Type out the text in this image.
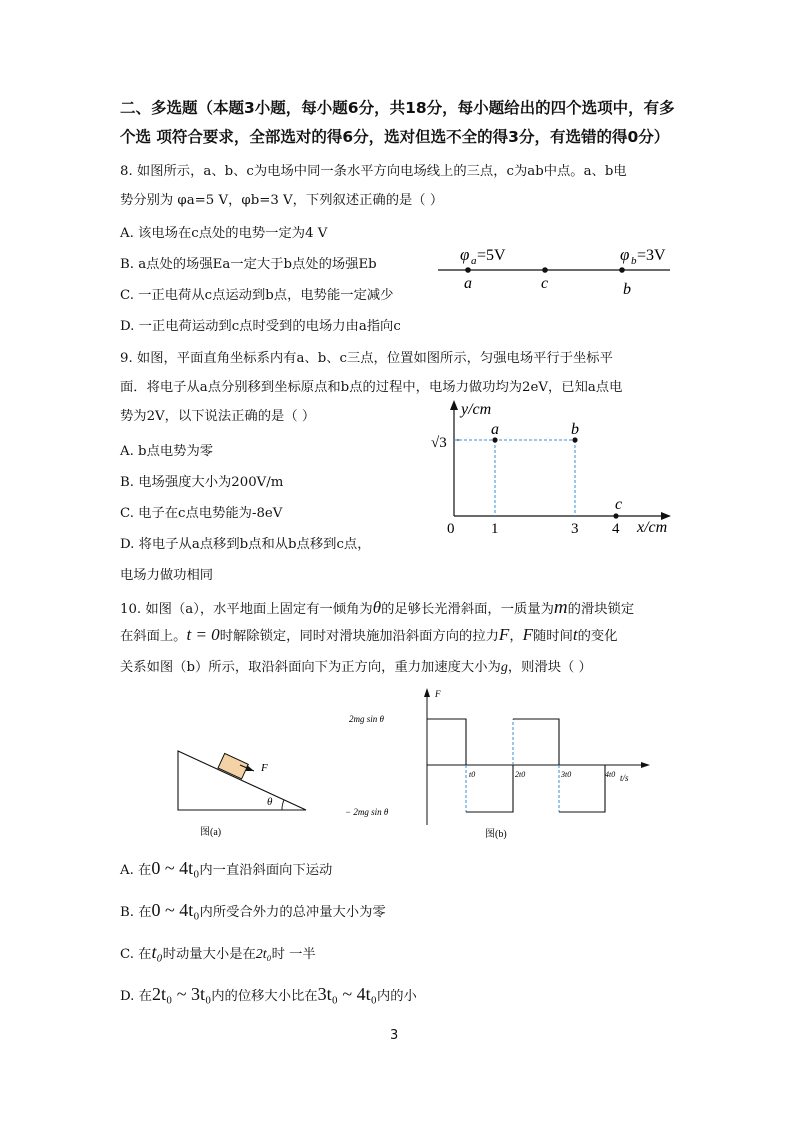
二、多选题（本题3小题，每小题6分，共18分，每小题给出的四个选项中，有多
个选 项符合要求，全部选对的得6分，选对但选不全的得3分，有选错的得0分）
8. 如图所示，a、b、c为电场中同一条水平方向电场线上的三点，c为ab中点。a、b电
势分别为 φa=5 V，φb=3 V，下列叙述正确的是（ ）
A. 该电场在c点处的电势一定为4 V
B. a点处的场强Ea一定大于b点处的场强Eb
C. 一正电荷从c点运动到b点，电势能一定减少
D. 一正电荷运动到c点时受到的电场力由a指向c
φ a =5V	φ b =3V
a	c	b
9. 如图，平面直角坐标系内有a、b、c三点，位置如图所示，匀强电场平行于坐标平
面．将电子从a点分别移到坐标原点和b点的过程中，电场力做功均为2eV，已知a点电
势为2V，以下说法正确的是（ ）
A. b点电势为零
B. 电场强度大小为200V/m
C. 电子在c点电势能为-8eV
D. 将电子从a点移到b点和从b点移到c点，
电场力做功相同
y/cm
x/cm
√3
0 1	3 4
a	b
c
10. 如图（a），水平地面上固定有一倾角为θ的足够长光滑斜面，一质量为m的滑块锁定
在斜面上。t = 0时解除锁定，同时对滑块施加沿斜面方向的拉力F，F随时间t的变化
关系如图（b）所示，取沿斜面向下为正方向，重力加速度大小为g，则滑块（ ）
F
θ
图(a)
F
t/s
2mg sin θ
− 2mg sin θ
t0	2t0	3t0	4t0
图(b)
A. 在0 ~ 4t₀内一直沿斜面向下运动
B. 在0 ~ 4t₀内所受合外力的总冲量大小为零
C. 在t₀时动量大小是在2t₀时 一半
D. 在2t₀ ~ 3t₀内的位移大小比在3t₀ ~ 4t₀内的小
3
